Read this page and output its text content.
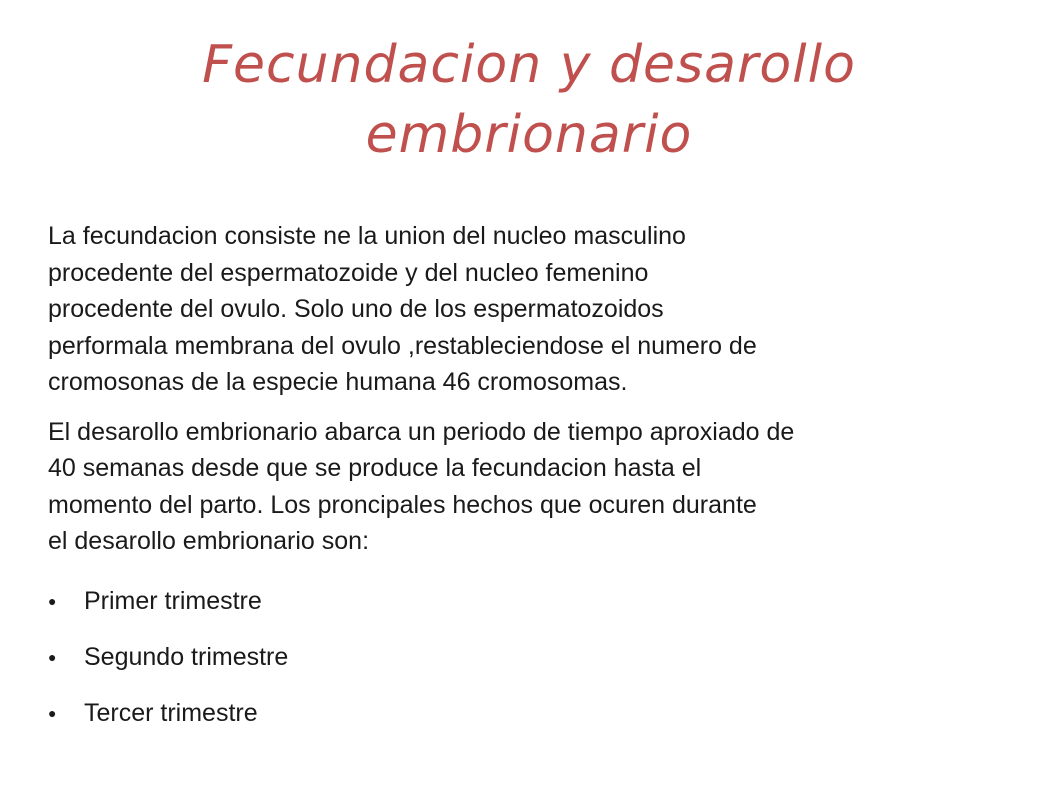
Fecundacion y desarollo
embrionario

La fecundacion consiste ne la union del nucleo masculino
procedente del espermatozoide y del nucleo femenino
procedente del ovulo. Solo uno de los espermatozoidos
performala membrana del ovulo ,restableciendose el numero de
cromosonas de la especie humana 46 cromosomas.

El desarollo embrionario abarca un periodo de tiempo aproxiado de
40 semanas desde que se produce la fecundacion hasta el
momento del parto. Los proncipales hechos que ocuren durante
el desarollo embrionario son:

● Primer trimestre
● Segundo trimestre
● Tercer trimestre
